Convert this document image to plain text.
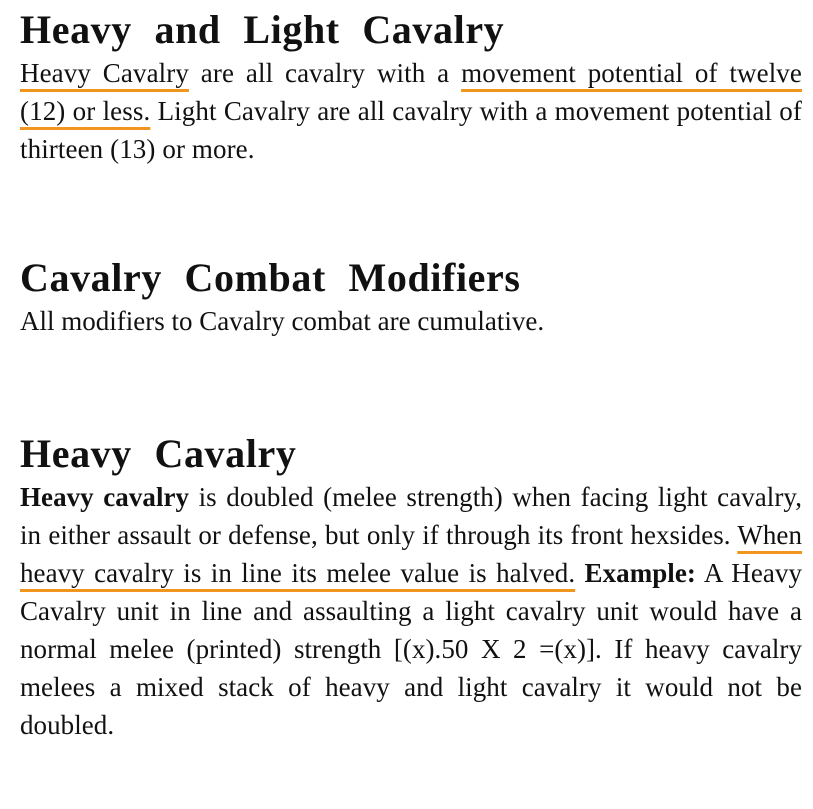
Heavy and Light Cavalry

Heavy Cavalry are all cavalry with a movement potential of twelve (12) or less. Light Cavalry are all cavalry with a movement potential of thirteen (13) or more.

Cavalry Combat Modifiers

All modifiers to Cavalry combat are cumulative.

Heavy Cavalry

Heavy cavalry is doubled (melee strength) when facing light cavalry, in either assault or defense, but only if through its front hexsides. When heavy cavalry is in line its melee value is halved. Example: A Heavy Cavalry unit in line and assaulting a light cavalry unit would have a normal melee (printed) strength [(x).50 X 2 =(x)]. If heavy cavalry melees a mixed stack of heavy and light cavalry it would not be doubled.
